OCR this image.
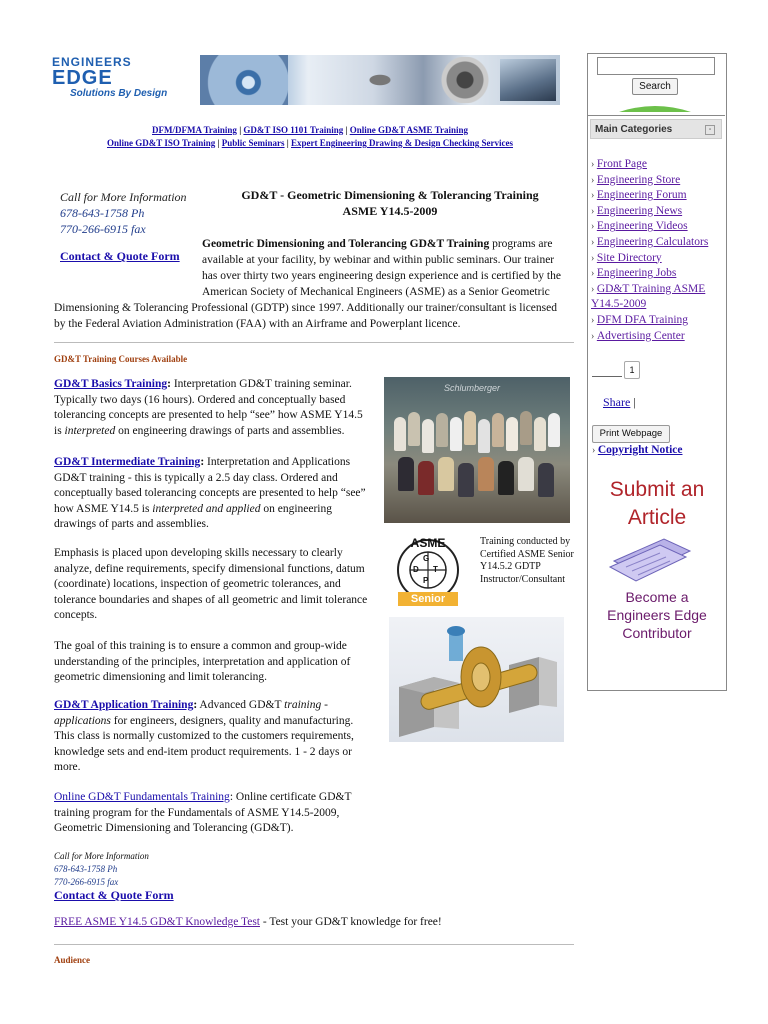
ENGINEERS
EDGE
Solutions By Design
DFM/DFMA Training | GD&T ISO 1101 Training | Online GD&T ASME Training
Online GD&T ISO Training | Public Seminars | Expert Engineering Drawing & Design Checking Services
Call for More Information
678-643-1758 Ph
770-266-6915 fax
Contact & Quote Form
GD&T - Geometric Dimensioning & Tolerancing Training
ASME Y14.5-2009
Geometric Dimensioning and Tolerancing GD&T Training programs are available at your facility, by webinar and within public seminars. Our trainer has over thirty two years engineering design experience and is certified by the American Society of Mechanical Engineers (ASME) as a Senior Geometric
Dimensioning & Tolerancing Professional (GDTP) since 1997. Additionally our trainer/consultant is licensed by the Federal Aviation Administration (FAA) with an Airframe and Powerplant licence.
GD&T Training Courses Available
GD&T Basics Training: Interpretation GD&T training seminar. Typically two days (16 hours). Ordered and conceptually based tolerancing concepts are presented to help “see” how ASME Y14.5 is interpreted on engineering drawings of parts and assemblies.
GD&T Intermediate Training: Interpretation and Applications GD&T training - this is typically a 2.5 day class. Ordered and conceptually based tolerancing concepts are presented to help “see” how ASME Y14.5 is interpreted and applied on engineering drawings of parts and assemblies.
Emphasis is placed upon developing skills necessary to clearly analyze, define requirements, specify dimensional functions, datum (coordinate) locations, inspection of geometric tolerances, and tolerance boundaries and shapes of all geometric and limit tolerance concepts.
The goal of this training is to ensure a common and group-wide understanding of the principles, interpretation and application of geometric dimensioning and limit tolerancing.
GD&T Application Training: Advanced GD&T training - applications for engineers, designers, quality and manufacturing. This class is normally customized to the customers requirements, knowledge sets and end-item product requirements. 1 - 2 days or more.
Online GD&T Fundamentals Training: Online certificate GD&T training program for the Fundamentals of ASME Y14.5-2009, Geometric Dimensioning and Tolerancing (GD&T).
Call for More Information
678-643-1758 Ph
770-266-6915 fax
Contact & Quote Form
FREE ASME Y14.5 GD&T Knowledge Test - Test your GD&T knowledge for free!
Audience
Schlumberger
ASME
G
D T
P
Senior
Training conducted by Certified ASME Senior Y14.5.2 GDTP Instructor/Consultant
Search
Main Categories	-
› Front Page
› Engineering Store
› Engineering Forum
› Engineering News
› Engineering Videos
› Engineering Calculators
› Site Directory
› Engineering Jobs
› GD&T Training ASME Y14.5-2009
› DFM DFA Training
› Advertising Center
1
Share |
Print Webpage
› Copyright Notice
Submit an
Article
Become a
Engineers Edge
Contributor
